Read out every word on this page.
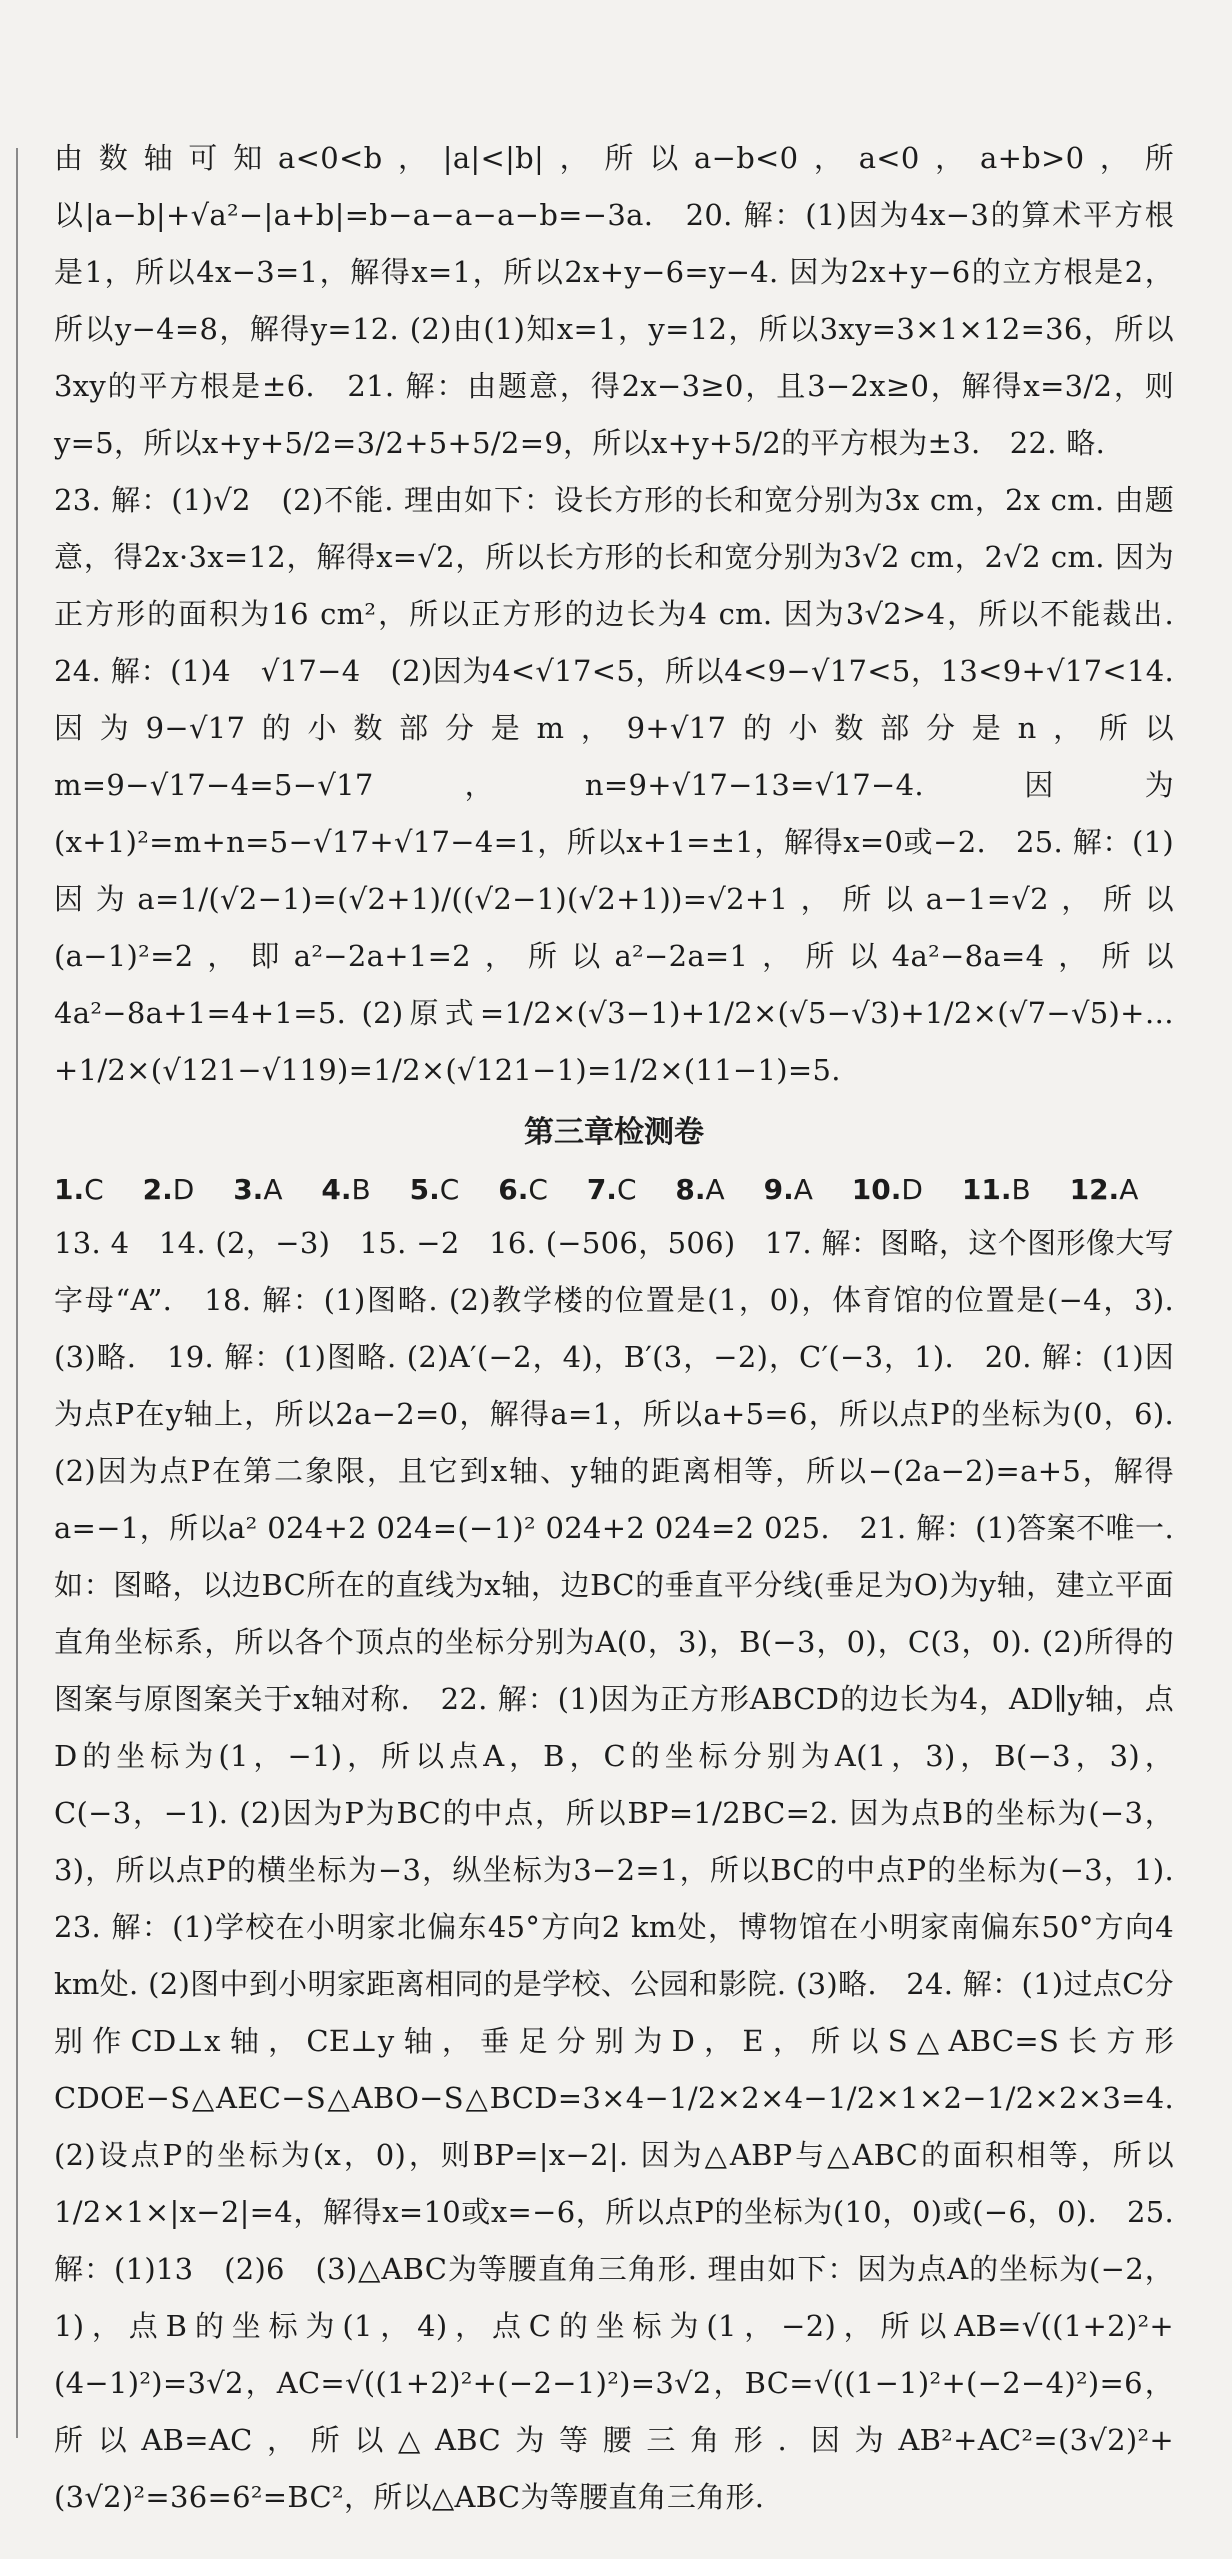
由数轴可知a<0<b，|a|<|b|，所以a−b<0，a<0，a+b>0，所以|a−b|+√a²−|a+b|=b−a−a−a−b=−3a.　20. 解：(1)因为4x−3的算术平方根是1，所以4x−3=1，解得x=1，所以2x+y−6=y−4. 因为2x+y−6的立方根是2，所以y−4=8，解得y=12. (2)由(1)知x=1，y=12，所以3xy=3×1×12=36，所以3xy的平方根是±6.　21. 解：由题意，得2x−3≥0，且3−2x≥0，解得x=3/2，则y=5，所以x+y+5/2=3/2+5+5/2=9，所以x+y+5/2的平方根为±3.　22. 略.

23. 解：(1)√2　(2)不能. 理由如下：设长方形的长和宽分别为3x cm，2x cm. 由题意，得2x·3x=12，解得x=√2，所以长方形的长和宽分别为3√2 cm，2√2 cm. 因为正方形的面积为16 cm²，所以正方形的边长为4 cm. 因为3√2>4，所以不能裁出.　24. 解：(1)4　√17−4　(2)因为4<√17<5，所以4<9−√17<5，13<9+√17<14. 因为9−√17的小数部分是m，9+√17的小数部分是n，所以m=9−√17−4=5−√17，n=9+√17−13=√17−4. 因为(x+1)²=m+n=5−√17+√17−4=1，所以x+1=±1，解得x=0或−2.　25. 解：(1)因为a=1/(√2−1)=(√2+1)/((√2−1)(√2+1))=√2+1，所以a−1=√2，所以(a−1)²=2，即a²−2a+1=2，所以a²−2a=1，所以4a²−8a=4，所以4a²−8a+1=4+1=5. (2)原式=1/2×(√3−1)+1/2×(√5−√3)+1/2×(√7−√5)+…+1/2×(√121−√119)=1/2×(√121−1)=1/2×(11−1)=5.

第三章检测卷

1.C 2.D 3.A 4.B 5.C 6.C 7.C 8.A 9.A 10.D 11.B 12.A

13. 4　14. (2，−3)　15. −2　16. (−506，506)　17. 解：图略，这个图形像大写字母“A”.　18. 解：(1)图略. (2)教学楼的位置是(1，0)，体育馆的位置是(−4，3). (3)略.　19. 解：(1)图略. (2)A′(−2，4)，B′(3，−2)，C′(−3，1).　20. 解：(1)因为点P在y轴上，所以2a−2=0，解得a=1，所以a+5=6，所以点P的坐标为(0，6). (2)因为点P在第二象限，且它到x轴、y轴的距离相等，所以−(2a−2)=a+5，解得a=−1，所以a² 024+2 024=(−1)² 024+2 024=2 025.　21. 解：(1)答案不唯一. 如：图略，以边BC所在的直线为x轴，边BC的垂直平分线(垂足为O)为y轴，建立平面直角坐标系，所以各个顶点的坐标分别为A(0，3)，B(−3，0)，C(3，0). (2)所得的图案与原图案关于x轴对称.　22. 解：(1)因为正方形ABCD的边长为4，AD∥y轴，点D的坐标为(1，−1)，所以点A，B，C的坐标分别为A(1，3)，B(−3，3)，C(−3，−1). (2)因为P为BC的中点，所以BP=1/2BC=2. 因为点B的坐标为(−3，3)，所以点P的横坐标为−3，纵坐标为3−2=1，所以BC的中点P的坐标为(−3，1).　23. 解：(1)学校在小明家北偏东45°方向2 km处，博物馆在小明家南偏东50°方向4 km处. (2)图中到小明家距离相同的是学校、公园和影院. (3)略.　24. 解：(1)过点C分别作CD⊥x轴，CE⊥y轴，垂足分别为D，E，所以S△ABC=S长方形CDOE−S△AEC−S△ABO−S△BCD=3×4−1/2×2×4−1/2×1×2−1/2×2×3=4. (2)设点P的坐标为(x，0)，则BP=|x−2|. 因为△ABP与△ABC的面积相等，所以1/2×1×|x−2|=4，解得x=10或x=−6，所以点P的坐标为(10，0)或(−6，0).　25. 解：(1)13　(2)6　(3)△ABC为等腰直角三角形. 理由如下：因为点A的坐标为(−2，1)，点B的坐标为(1，4)，点C的坐标为(1，−2)，所以AB=√((1+2)²+(4−1)²)=3√2，AC=√((1+2)²+(−2−1)²)=3√2，BC=√((1−1)²+(−2−4)²)=6，所以AB=AC，所以△ABC为等腰三角形. 因为AB²+AC²=(3√2)²+(3√2)²=36=6²=BC²，所以△ABC为等腰直角三角形.
